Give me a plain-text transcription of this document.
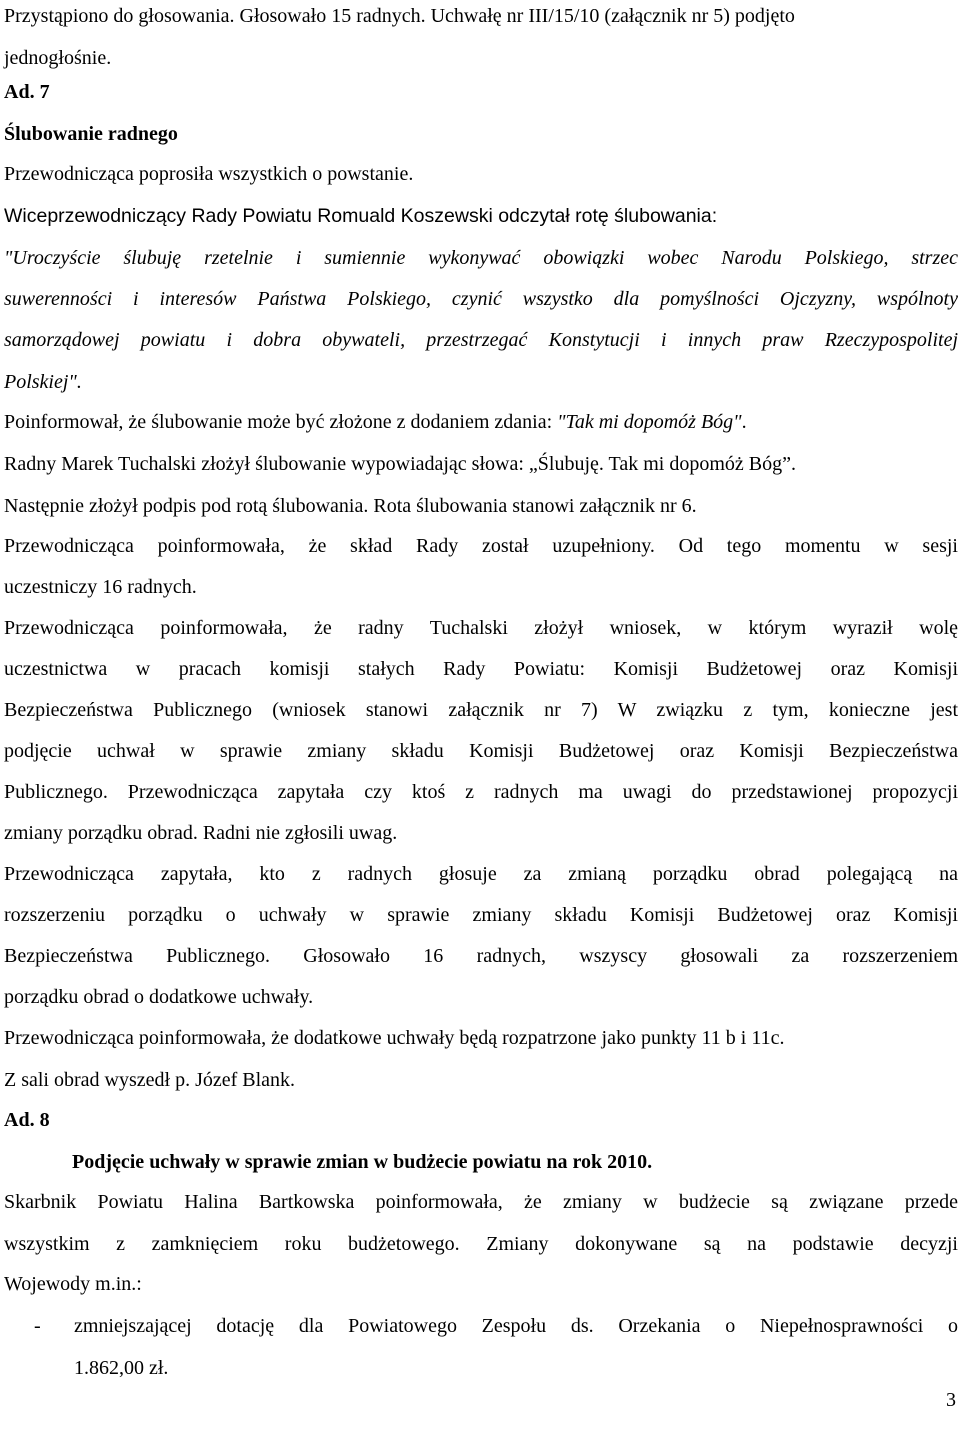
Przystąpiono do głosowania. Głosowało 15 radnych. Uchwałę nr III/15/10 (załącznik nr 5) podjęto
jednogłośnie.
Ad. 7
Ślubowanie radnego
Przewodnicząca poprosiła wszystkich o powstanie.
Wiceprzewodniczący Rady Powiatu Romuald Koszewski odczytał rotę ślubowania:
"Uroczyście ślubuję rzetelnie i sumiennie wykonywać obowiązki wobec Narodu Polskiego, strzec
suwerenności i interesów Państwa Polskiego, czynić wszystko dla pomyślności Ojczyzny, wspólnoty
samorządowej powiatu i dobra obywateli, przestrzegać Konstytucji i innych praw Rzeczypospolitej
Polskiej".
Poinformował, że ślubowanie może być złożone z dodaniem zdania: "Tak mi dopomóż Bóg".
Radny Marek Tuchalski złożył ślubowanie wypowiadając słowa: „Ślubuję. Tak mi dopomóż Bóg”.
Następnie złożył podpis pod rotą ślubowania. Rota ślubowania stanowi załącznik nr 6.
Przewodnicząca poinformowała, że skład Rady został uzupełniony. Od tego momentu w sesji
uczestniczy 16 radnych.
Przewodnicząca poinformowała, że radny Tuchalski złożył wniosek, w którym wyraził wolę
uczestnictwa w pracach komisji stałych Rady Powiatu: Komisji Budżetowej oraz Komisji
Bezpieczeństwa Publicznego (wniosek stanowi załącznik nr 7) W związku z tym, konieczne jest
podjęcie uchwał w sprawie zmiany składu Komisji Budżetowej oraz Komisji Bezpieczeństwa
Publicznego. Przewodnicząca zapytała czy ktoś z radnych ma uwagi do przedstawionej propozycji
zmiany porządku obrad. Radni nie zgłosili uwag.
Przewodnicząca zapytała, kto z radnych głosuje za zmianą porządku obrad polegającą na
rozszerzeniu porządku o uchwały w sprawie zmiany składu Komisji Budżetowej oraz Komisji
Bezpieczeństwa Publicznego. Głosowało 16 radnych, wszyscy głosowali za rozszerzeniem
porządku obrad o dodatkowe uchwały.
Przewodnicząca poinformowała, że dodatkowe uchwały będą rozpatrzone jako punkty 11 b i 11c.
Z sali obrad wyszedł p. Józef Blank.
Ad. 8
Podjęcie uchwały w sprawie zmian w budżecie powiatu na rok 2010.
Skarbnik Powiatu Halina Bartkowska poinformowała, że zmiany w budżecie są związane przede
wszystkim z zamknięciem roku budżetowego. Zmiany dokonywane są na podstawie decyzji
Wojewody m.in.:
- zmniejszającej dotację dla Powiatowego Zespołu ds. Orzekania o Niepełnosprawności o
1.862,00 zł.
3
